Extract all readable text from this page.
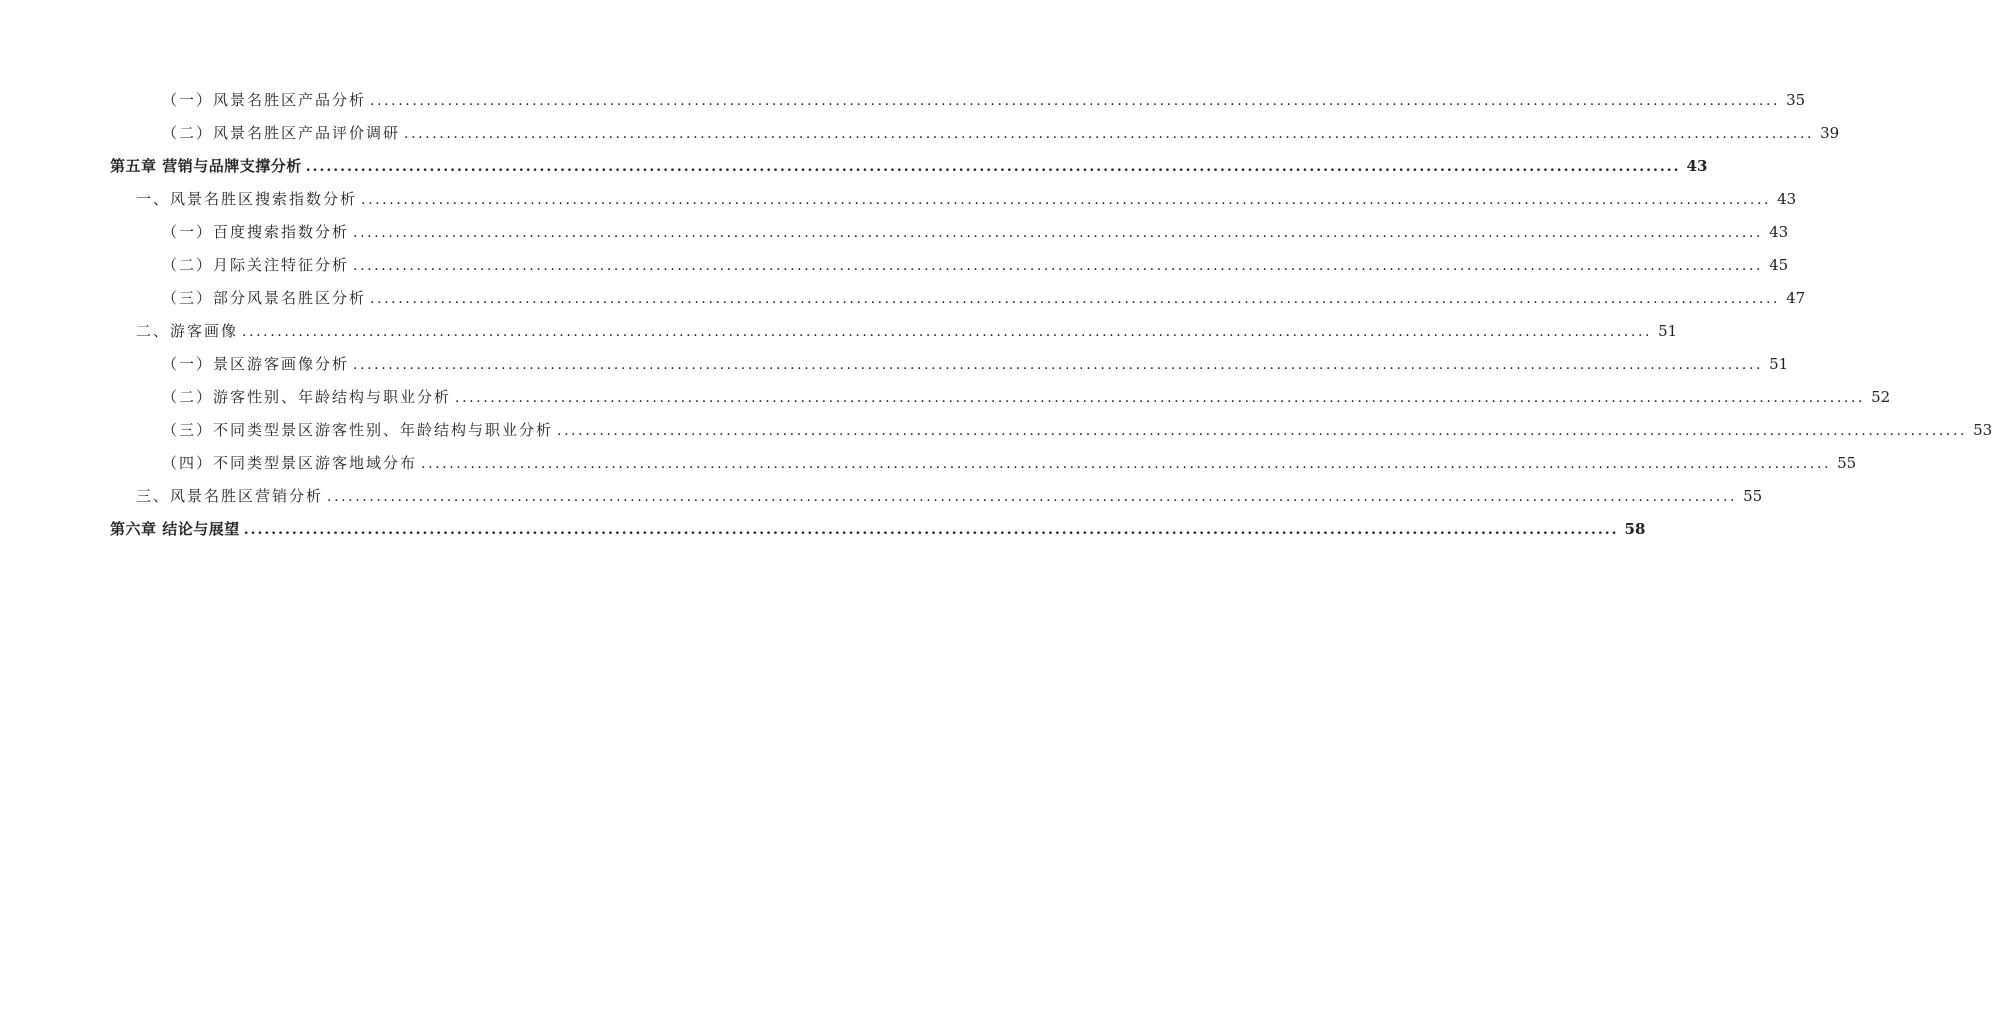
（一）风景名胜区产品分析 ........................................................................................................................................................................................................ 35
（二）风景名胜区产品评价调研 ........................................................................................................................................................................................................ 39
第五章 营销与品牌支撑分析 ........................................................................................................................................................................................................ 43
一、风景名胜区搜索指数分析 ........................................................................................................................................................................................................ 43
（一）百度搜索指数分析 ........................................................................................................................................................................................................ 43
（二）月际关注特征分析 ........................................................................................................................................................................................................ 45
（三）部分风景名胜区分析 ........................................................................................................................................................................................................ 47
二、游客画像 ........................................................................................................................................................................................................ 51
（一）景区游客画像分析 ........................................................................................................................................................................................................ 51
（二）游客性别、年龄结构与职业分析 ........................................................................................................................................................................................................ 52
（三）不同类型景区游客性别、年龄结构与职业分析 ........................................................................................................................................................................................................ 53
（四）不同类型景区游客地域分布 ........................................................................................................................................................................................................ 55
三、风景名胜区营销分析 ........................................................................................................................................................................................................ 55
第六章 结论与展望 ........................................................................................................................................................................................................ 58
